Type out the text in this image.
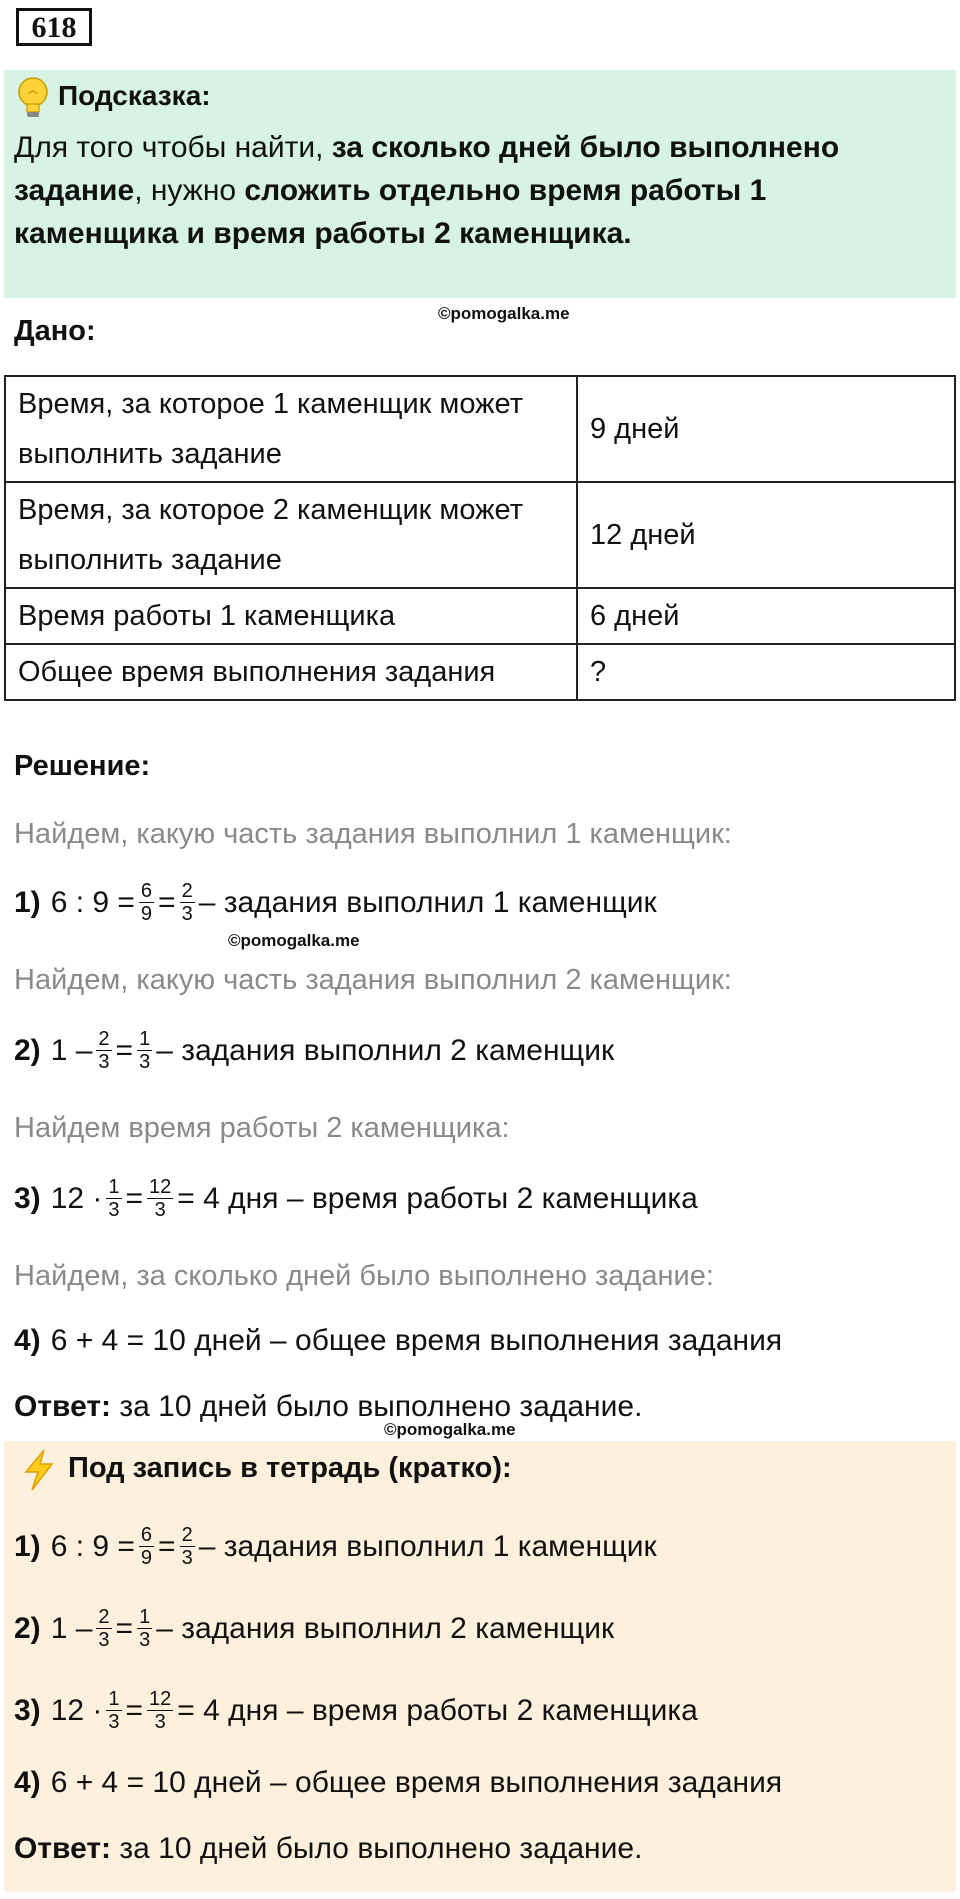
618
Подсказка:
Для того чтобы найти, за сколько дней было выполнено задание, нужно сложить отдельно время работы 1 каменщика и время работы 2 каменщика.
Дано:
©pomogalka.me
Время, за которое 1 каменщик может выполнить задание	9 дней
Время, за которое 2 каменщик может выполнить задание	12 дней
Время работы 1 каменщика	6 дней
Общее время выполнения задания	?
Решение:
Найдем, какую часть задания выполнил 1 каменщик:
1) 6 : $9 = \frac{6}{9} = \frac{2}{3}$ – задания выполнил 1 каменщик
©pomogalka.me
Найдем, какую часть задания выполнил 2 каменщик:
2) $1 - \frac{2}{3} = \frac{1}{3}$ – задания выполнил 2 каменщик
Найдем время работы 2 каменщика:
3) $12 \cdot \frac{1}{3} = \frac{12}{3} = 4$ дня – время работы 2 каменщика
Найдем, за сколько дней было выполнено задание:
4) 6 + 4 = 10 дней – общее время выполнения задания
Ответ: за 10 дней было выполнено задание.
©pomogalka.me
Под запись в тетрадь (кратко):
1) 6 : $9 = \frac{6}{9} = \frac{2}{3}$ – задания выполнил 1 каменщик
2) $1 - \frac{2}{3} = \frac{1}{3}$ – задания выполнил 2 каменщик
3) $12 \cdot \frac{1}{3} = \frac{12}{3} = 4$ дня – время работы 2 каменщика
4) 6 + 4 = 10 дней – общее время выполнения задания
Ответ: за 10 дней было выполнено задание.
